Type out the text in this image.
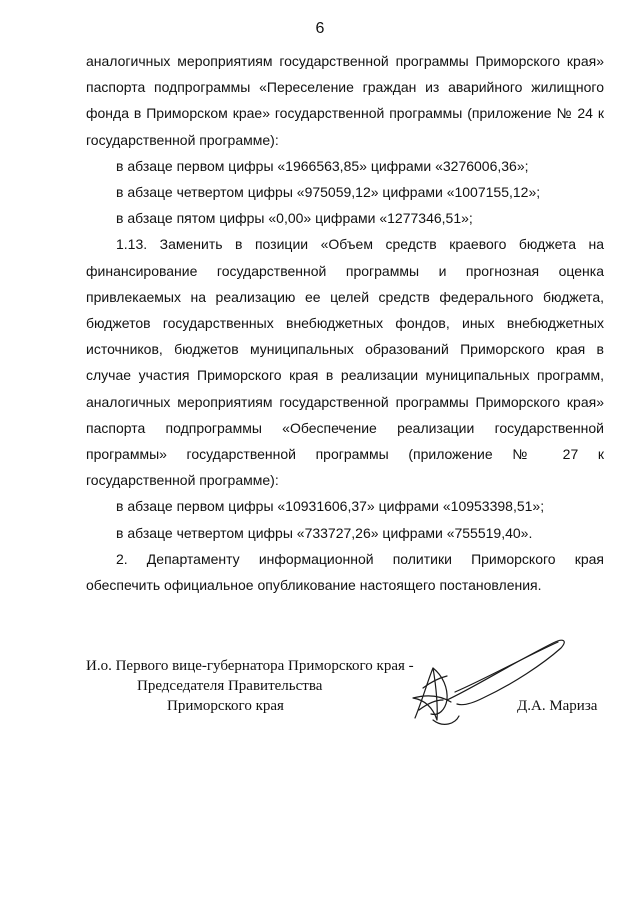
6

аналогичных мероприятиям государственной программы Приморского края» паспорта подпрограммы «Переселение граждан из аварийного жилищного фонда в Приморском крае» государственной программы (приложение № 24 к государственной программе):

в абзаце первом цифры «1966563,85» цифрами «3276006,36»;

в абзаце четвертом цифры «975059,12» цифрами «1007155,12»;

в абзаце пятом цифры «0,00» цифрами «1277346,51»;

1.13. Заменить в позиции «Объем средств краевого бюджета на финансирование государственной программы и прогнозная оценка привлекаемых на реализацию ее целей средств федерального бюджета, бюджетов государственных внебюджетных фондов, иных внебюджетных источников, бюджетов муниципальных образований Приморского края в случае участия Приморского края в реализации муниципальных программ, аналогичных мероприятиям государственной программы Приморского края» паспорта подпрограммы «Обеспечение реализации государственной программы» государственной программы (приложение № 27 к государственной программе):

в абзаце первом цифры «10931606,37» цифрами «10953398,51»;

в абзаце четвертом цифры «733727,26» цифрами «755519,40».

2. Департаменту информационной политики Приморского края обеспечить официальное опубликование настоящего постановления.

И.о. Первого вице-губернатора Приморского края -
Председателя Правительства
Приморского края	Д.А. Мариза
